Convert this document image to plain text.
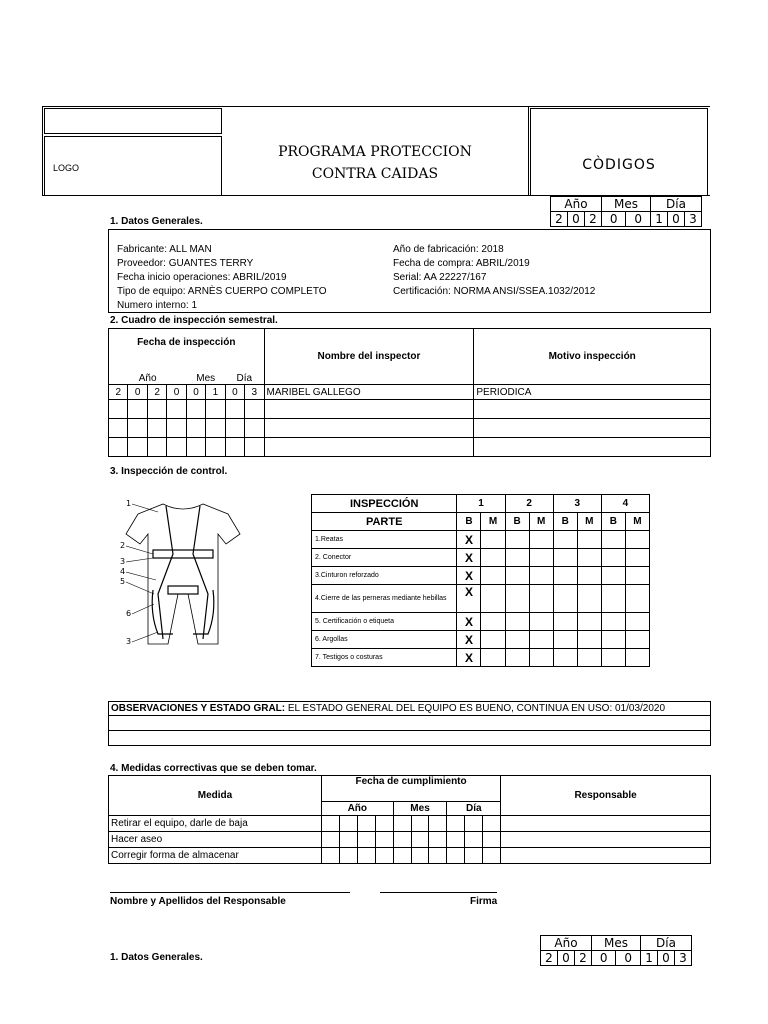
LOGO
PROGRAMA PROTECCION
CONTRA CAIDAS
CÒDIGOS
Año			Mes		Día		
2	0	2	0	0	1	0	3
1. Datos Generales.
Fabricante: ALL MAN
Proveedor: GUANTES TERRY
Fecha inicio operaciones: ABRIL/2019
Tipo de equipo: ARNÈS CUERPO COMPLETO
Numero interno: 1
Año de fabricación: 2018
Fecha de compra: ABRIL/2019
Serial: AA 22227/167
Certificación: NORMA ANSI/SSEA.1032/2012
2. Cuadro de inspección semestral.
Fecha de inspección								Nombre del inspector	Motivo inspección
Año				Mes		Día			
2	0	2	0	0	1	0	3	MARIBEL GALLEGO	PERIODICA

3. Inspección de control.
1
2
3
4
5
6
3
INSPECCIÓN	1		2		3		4	
PARTE	B	M	B	M	B	M	B	M
1.Reatas	X							
2. Conector	X							
3.Cinturon reforzado	X							
4.Cierre de las perneras mediante hebillas	X							
5. Certificación o etiqueta	X							
6. Argollas	X							
7. Testigos o costuras	X							
OBSERVACIONES Y ESTADO GRAL: EL ESTADO GENERAL DEL EQUIPO ES BUENO, CONTINUA EN USO: 01/03/2020

4. Medidas correctivas que se deben tomar.
Medida	Fecha de cumplimiento										Responsable
	Año				Mes			Día			
Retirar el equipo, darle de baja											
Hacer aseo											
Corregir forma de almacenar											
Nombre y Apellidos del Responsable	Firma
1. Datos Generales.
Año			Mes		Día		
2	0	2	0	0	1	0	3
